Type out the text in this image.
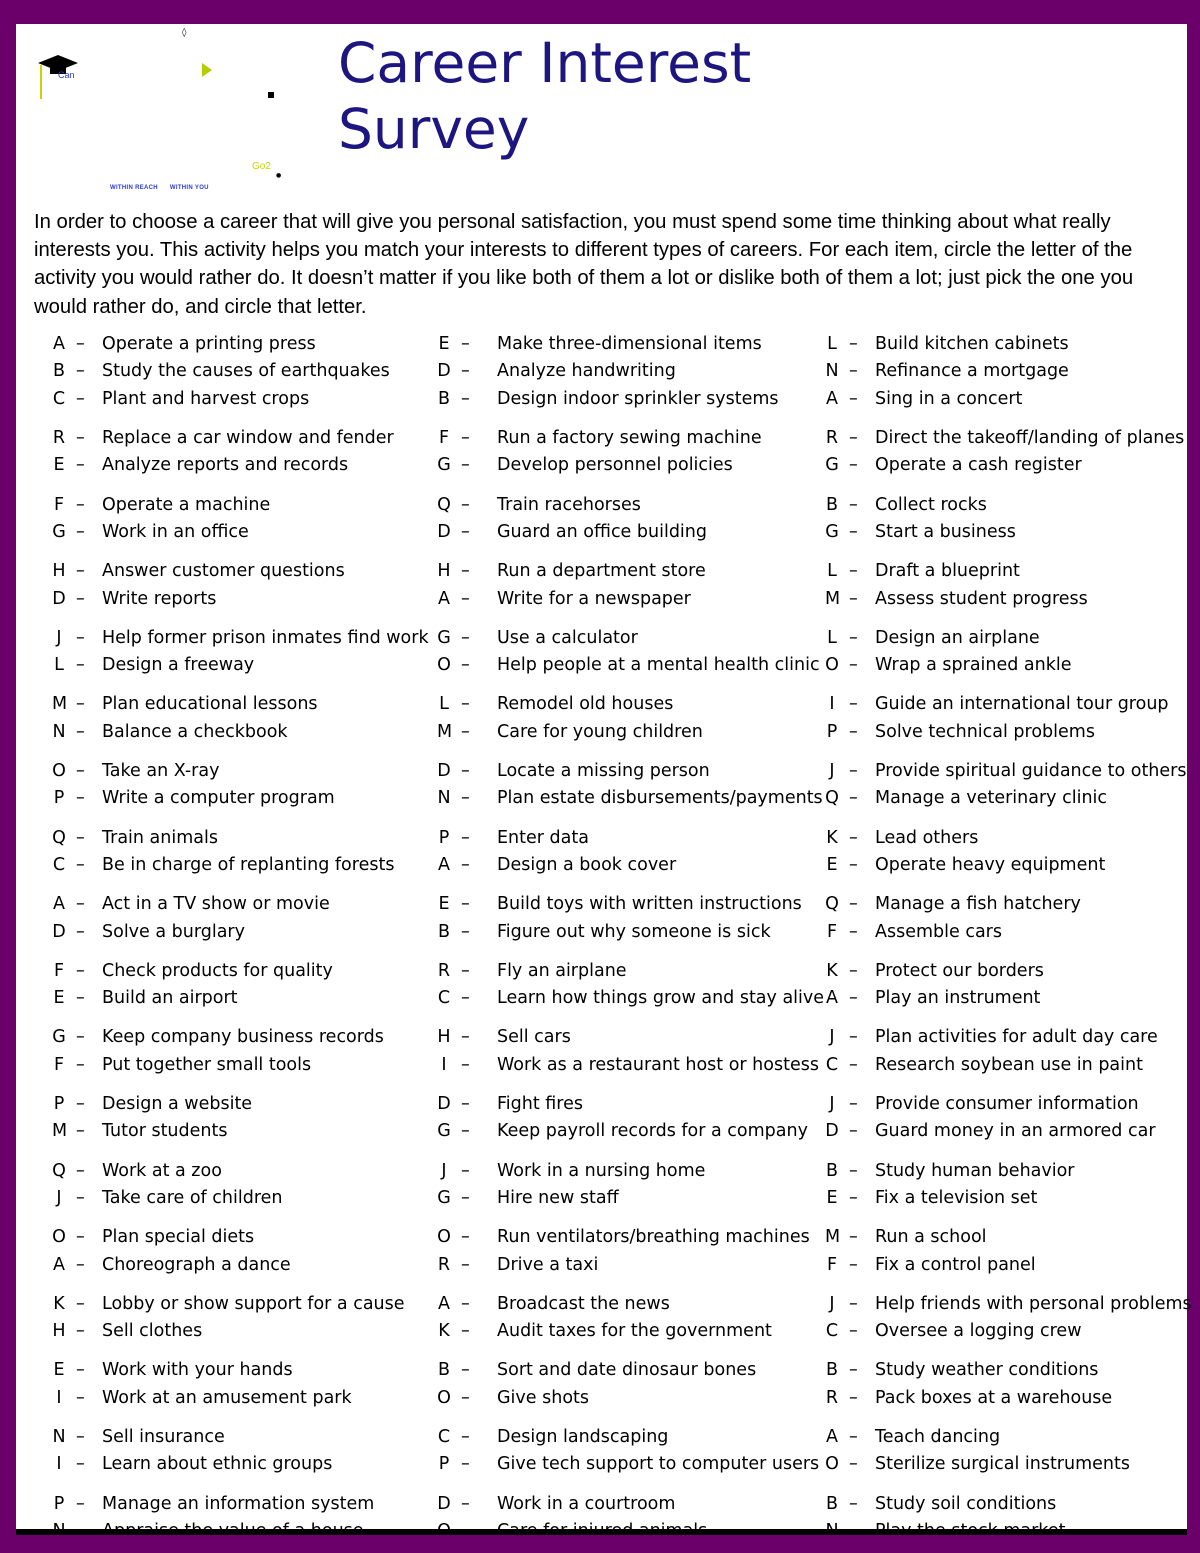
Can
◊
Go2
●
WITHIN REACH WITHIN YOU
Career Interest
Survey

In order to choose a career that will give you personal satisfaction, you must spend some time thinking about what really interests you. This activity helps you match your interests to different types of careers. For each item, circle the letter of the activity you would rather do. It doesn’t matter if you like both of them a lot or dislike both of them a lot; just pick the one you would rather do, and circle that letter.

A – Operate a printing press
B – Study the causes of earthquakes
C – Plant and harvest crops
R – Replace a car window and fender
E – Analyze reports and records
F – Operate a machine
G – Work in an office
H – Answer customer questions
D – Write reports
J – Help former prison inmates find work
L – Design a freeway
M – Plan educational lessons
N – Balance a checkbook
O – Take an X-ray
P – Write a computer program
Q – Train animals
C – Be in charge of replanting forests
A – Act in a TV show or movie
D – Solve a burglary
F – Check products for quality
E – Build an airport
G – Keep company business records
F – Put together small tools
P – Design a website
M – Tutor students
Q – Work at a zoo
J – Take care of children
O – Plan special diets
A – Choreograph a dance
K – Lobby or show support for a cause
H – Sell clothes
E – Work with your hands
I – Work at an amusement park
N – Sell insurance
I – Learn about ethnic groups
P – Manage an information system
E – Make three-dimensional items
D – Analyze handwriting
B – Design indoor sprinkler systems
F – Run a factory sewing machine
G – Develop personnel policies
Q – Train racehorses
D – Guard an office building
H – Run a department store
A – Write for a newspaper
G – Use a calculator
O – Help people at a mental health clinic
L – Remodel old houses
M – Care for young children
D – Locate a missing person
N – Plan estate disbursements/payments
P – Enter data
A – Design a book cover
E – Build toys with written instructions
B – Figure out why someone is sick
R – Fly an airplane
C – Learn how things grow and stay alive
H – Sell cars
I – Work as a restaurant host or hostess
D – Fight fires
G – Keep payroll records for a company
J – Work in a nursing home
G – Hire new staff
O – Run ventilators/breathing machines
R – Drive a taxi
A – Broadcast the news
K – Audit taxes for the government
B – Sort and date dinosaur bones
O – Give shots
C – Design landscaping
P – Give tech support to computer users
D – Work in a courtroom
L – Build kitchen cabinets
N – Refinance a mortgage
A – Sing in a concert
R – Direct the takeoff/landing of planes
G – Operate a cash register
B – Collect rocks
G – Start a business
L – Draft a blueprint
M – Assess student progress
L – Design an airplane
O – Wrap a sprained ankle
I – Guide an international tour group
P – Solve technical problems
J – Provide spiritual guidance to others
Q – Manage a veterinary clinic
K – Lead others
E – Operate heavy equipment
Q – Manage a fish hatchery
F – Assemble cars
K – Protect our borders
A – Play an instrument
J – Plan activities for adult day care
C – Research soybean use in paint
J – Provide consumer information
D – Guard money in an armored car
B – Study human behavior
E – Fix a television set
M – Run a school
F – Fix a control panel
J – Help friends with personal problems
C – Oversee a logging crew
B – Study weather conditions
R – Pack boxes at a warehouse
A – Teach dancing
O – Sterilize surgical instruments
B – Study soil conditions
